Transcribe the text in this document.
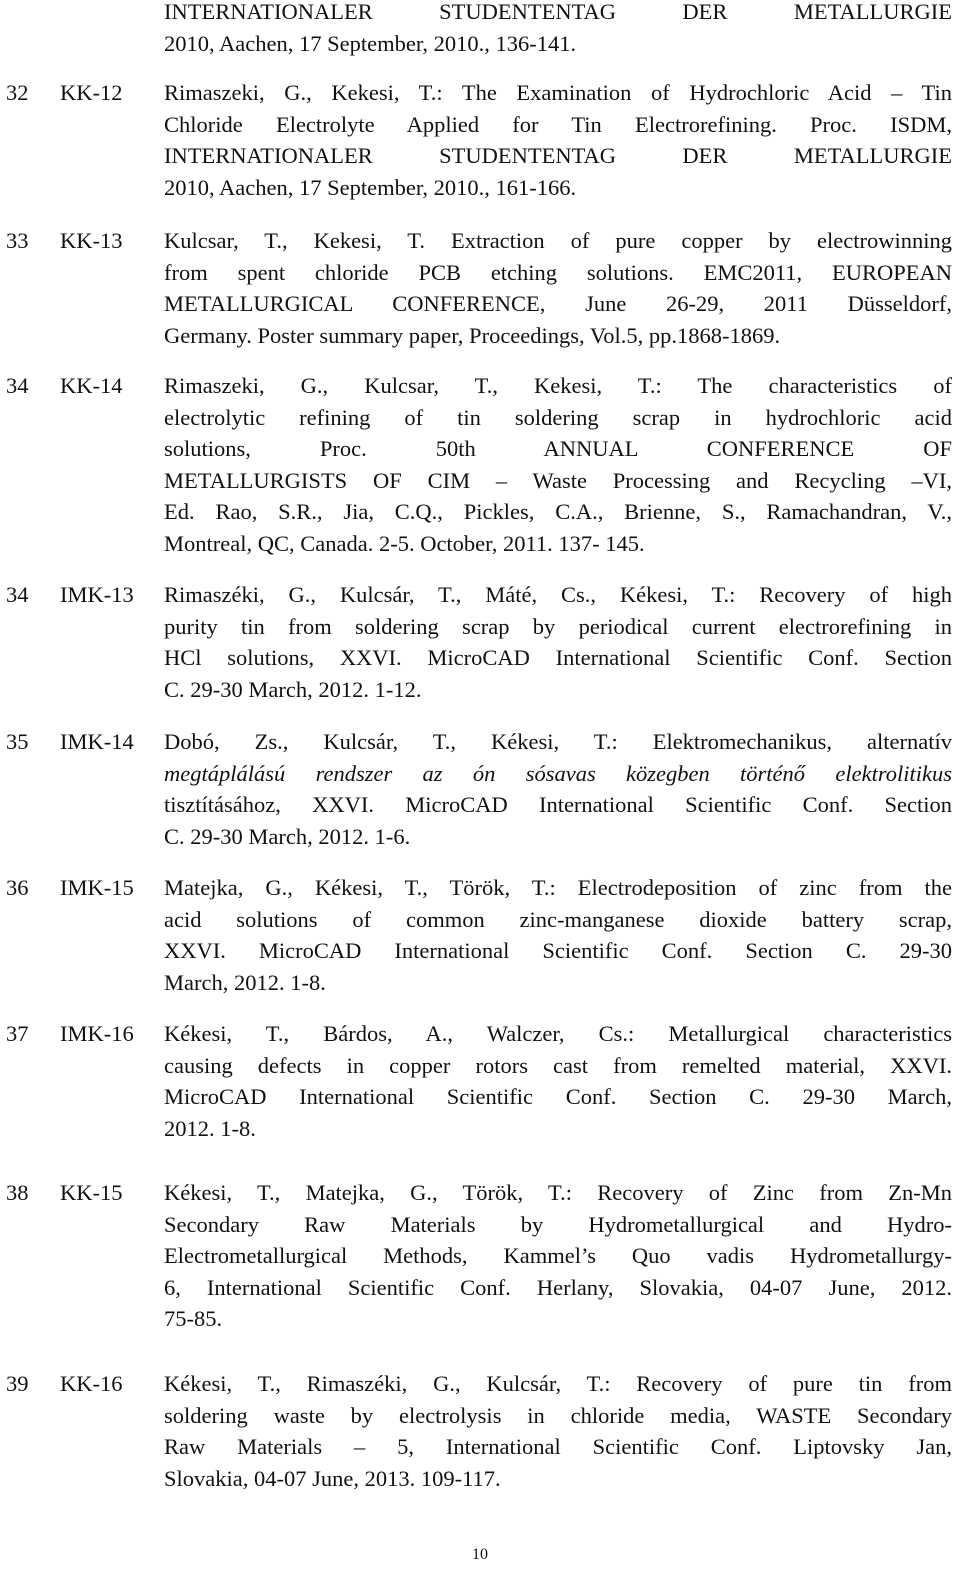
INTERNATIONALER STUDENTENTAG DER METALLURGIE
2010, Aachen, 17 September, 2010., 136-141.
32 KK-12 Rimaszeki, G., Kekesi, T.: The Examination of Hydrochloric Acid – Tin
Chloride Electrolyte Applied for Tin Electrorefining. Proc. ISDM,
INTERNATIONALER STUDENTENTAG DER METALLURGIE
2010, Aachen, 17 September, 2010., 161-166.
33 KK-13 Kulcsar, T., Kekesi, T. Extraction of pure copper by electrowinning
from spent chloride PCB etching solutions. EMC2011, EUROPEAN
METALLURGICAL CONFERENCE, June 26-29, 2011 Düsseldorf,
Germany. Poster summary paper, Proceedings, Vol.5, pp.1868-1869.
34 KK-14 Rimaszeki, G., Kulcsar, T., Kekesi, T.: The characteristics of
electrolytic refining of tin soldering scrap in hydrochloric acid
solutions, Proc. 50th ANNUAL CONFERENCE OF
METALLURGISTS OF CIM – Waste Processing and Recycling –VI,
Ed. Rao, S.R., Jia, C.Q., Pickles, C.A., Brienne, S., Ramachandran, V.,
Montreal, QC, Canada. 2-5. October, 2011. 137- 145.
34 IMK-13 Rimaszéki, G., Kulcsár, T., Máté, Cs., Kékesi, T.: Recovery of high
purity tin from soldering scrap by periodical current electrorefining in
HCl solutions, XXVI. MicroCAD International Scientific Conf. Section
C. 29-30 March, 2012. 1-12.
35 IMK-14 Dobó, Zs., Kulcsár, T., Kékesi, T.: Elektromechanikus, alternatív
megtáplálású rendszer az ón sósavas közegben történő elektrolitikus
tisztításához, XXVI. MicroCAD International Scientific Conf. Section
C. 29-30 March, 2012. 1-6.
36 IMK-15 Matejka, G., Kékesi, T., Török, T.: Electrodeposition of zinc from the
acid solutions of common zinc-manganese dioxide battery scrap,
XXVI. MicroCAD International Scientific Conf. Section C. 29-30
March, 2012. 1-8.
37 IMK-16 Kékesi, T., Bárdos, A., Walczer, Cs.: Metallurgical characteristics
causing defects in copper rotors cast from remelted material, XXVI.
MicroCAD International Scientific Conf. Section C. 29-30 March,
2012. 1-8.
38 KK-15 Kékesi, T., Matejka, G., Török, T.: Recovery of Zinc from Zn-Mn
Secondary Raw Materials by Hydrometallurgical and Hydro-
Electrometallurgical Methods, Kammel’s Quo vadis Hydrometallurgy-
6, International Scientific Conf. Herlany, Slovakia, 04-07 June, 2012.
75-85.
39 KK-16 Kékesi, T., Rimaszéki, G., Kulcsár, T.: Recovery of pure tin from
soldering waste by electrolysis in chloride media, WASTE Secondary
Raw Materials – 5, International Scientific Conf. Liptovsky Jan,
Slovakia, 04-07 June, 2013. 109-117.
10
